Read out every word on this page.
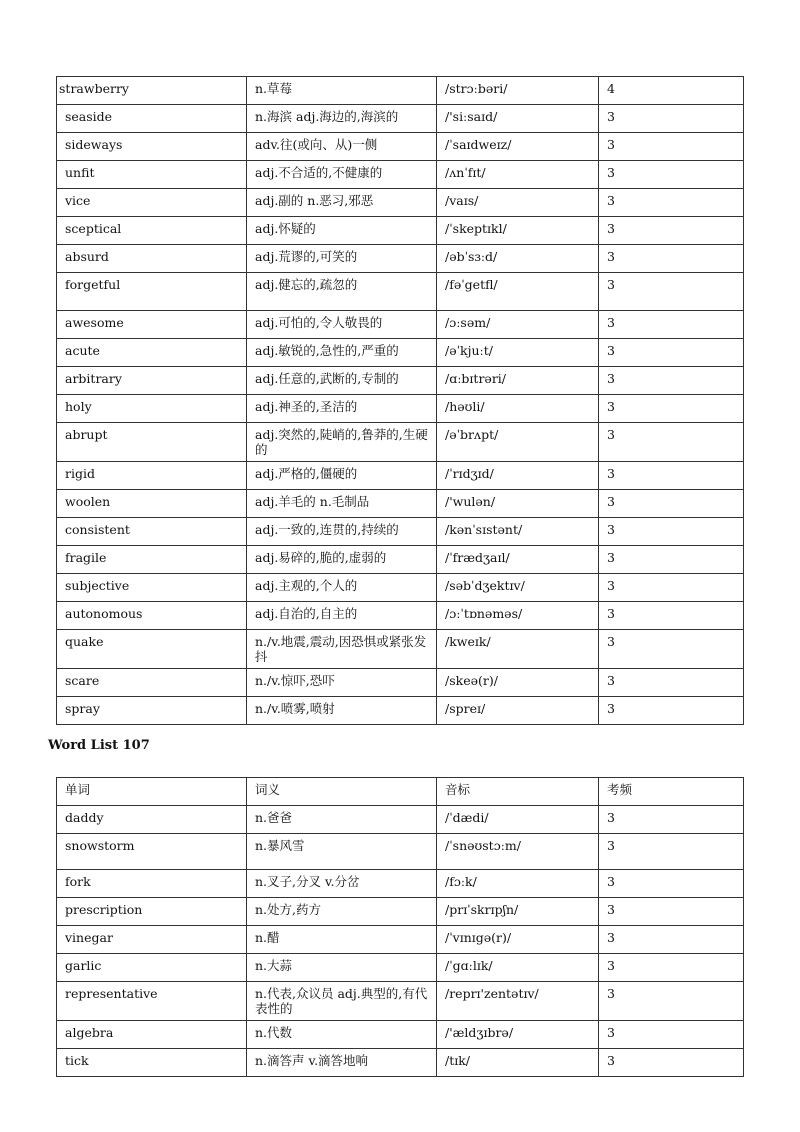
strawberry	n.草莓	/strɔːbəri/	4
seaside	n.海滨 adj.海边的,海滨的	/'siːsaɪd/	3
sideways	adv.往(或向、从)一侧	/ˈsaɪdweɪz/	3
unfit	adj.不合适的,不健康的	/ʌnˈfɪt/	3
vice	adj.副的 n.恶习,邪恶	/vaɪs/	3
sceptical	adj.怀疑的	/ˈskeptɪkl/	3
absurd	adj.荒谬的,可笑的	/əbˈsɜːd/	3
forgetful	adj.健忘的,疏忽的	/fəˈgetfl/	3
awesome	adj.可怕的,令人敬畏的	/ɔːsəm/	3
acute	adj.敏锐的,急性的,严重的	/əˈkjuːt/	3
arbitrary	adj.任意的,武断的,专制的	/ɑːbɪtrəri/	3
holy	adj.神圣的,圣洁的	/həʊli/	3
abrupt	adj.突然的,陡峭的,鲁莽的,生硬的	/əˈbrʌpt/	3
rigid	adj.严格的,僵硬的	/ˈrɪdʒɪd/	3
woolen	adj.羊毛的 n.毛制品	/'wulən/	3
consistent	adj.一致的,连贯的,持续的	/kənˈsɪstənt/	3
fragile	adj.易碎的,脆的,虚弱的	/ˈfrædʒaɪl/	3
subjective	adj.主观的,个人的	/səbˈdʒektɪv/	3
autonomous	adj.自治的,自主的	/ɔːˈtɒnəməs/	3
quake	n./v.地震,震动,因恐惧或紧张发抖	/kweɪk/	3
scare	n./v.惊吓,恐吓	/skeə(r)/	3
spray	n./v.喷雾,喷射	/spreɪ/	3
Word List 107
单词	词义	音标	考频
daddy	n.爸爸	/ˈdædi/	3
snowstorm	n.暴风雪	/ˈsnəʊstɔːm/	3
fork	n.叉子,分叉 v.分岔	/fɔːk/	3
prescription	n.处方,药方	/prɪˈskrɪpʃn/	3
vinegar	n.醋	/ˈvɪnɪgə(r)/	3
garlic	n.大蒜	/ˈgɑːlɪk/	3
representative	n.代表,众议员 adj.典型的,有代表性的	/reprɪ'zentətɪv/	3
algebra	n.代数	/'ældʒɪbrə/	3
tick	n.滴答声 v.滴答地响	/tɪk/	3
